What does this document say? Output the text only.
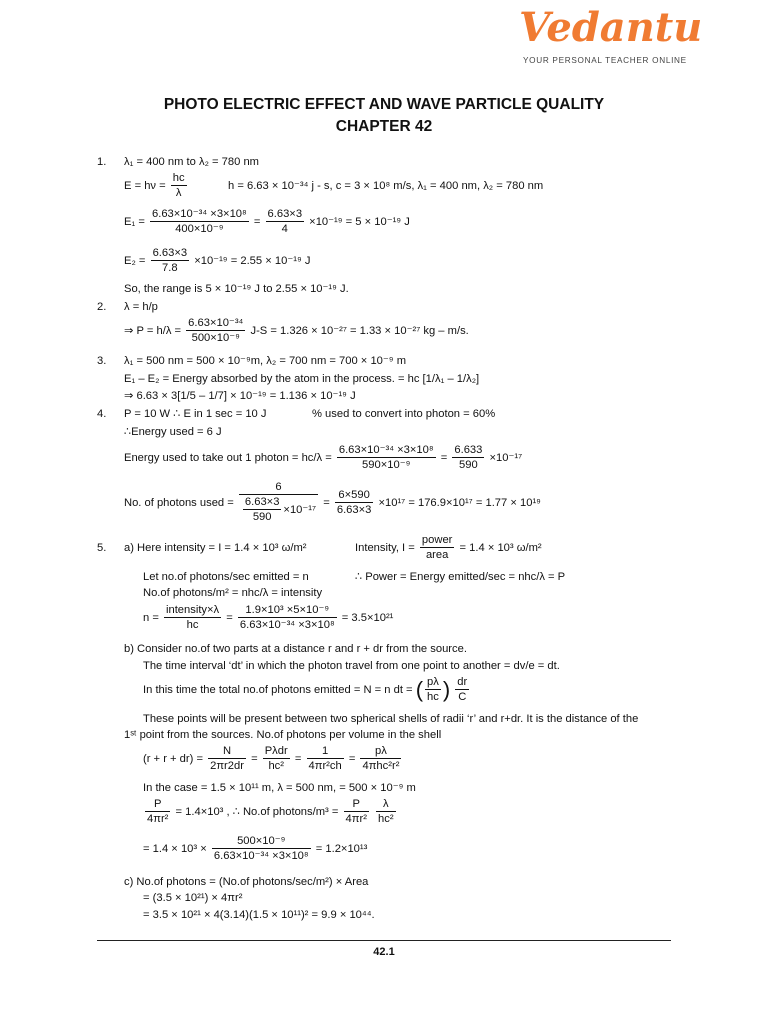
Vedantu
YOUR PERSONAL TEACHER ONLINE
PHOTO ELECTRIC EFFECT AND WAVE PARTICLE QUALITY
CHAPTER 42
1. λ₁ = 400 nm to λ₂ = 780 nm
$E = h\nu = \frac{hc}{\lambda}$	h = 6.63 × 10⁻³⁴ j - s, c = 3 × 10⁸ m/s, λ₁ = 400 nm, λ₂ = 780 nm
$E_1 = \frac{\text{6.63×10⁻³⁴ ×3×10⁸}}{\text{400×10⁻⁹}} = \frac{6.63\times 3}{4} \times 10^{-19} = 5 \times 10^{-19}$ J
$E_2 = \frac{6.63\times 3}{7.8} \times 10^{-19} = 2.55 \times 10^{-19}$ J
So, the range is 5 × 10⁻¹⁹ J to 2.55 × 10⁻¹⁹ J.
2. λ = h/p
⇒ $P = h/\lambda = \frac{\text{6.63×10⁻³⁴}}{\text{500×10⁻⁹}} J-S = 1.326 \times 10^{-27} = 1.33 \times 10^{-27}$ kg – m/s.
3. λ₁ = 500 nm = 500 × 10⁻⁹m, λ₂ = 700 nm = 700 × 10⁻⁹ m
E₁ – E₂ = Energy absorbed by the atom in the process. = hc [1/λ₁ – 1/λ₂]
⇒ 6.63 × 3[1/5 – 1/7] × 10⁻¹⁹ = 1.136 × 10⁻¹⁹ J
4. P = 10 W ∴ E in 1 sec = 10 J	% used to convert into photon = 60%
∴Energy used = 6 J
Energy used to take out 1 photon = $hc/\lambda = \frac{\text{6.63×10⁻³⁴ ×3×10⁸}}{\text{590×10⁻⁹}} = \frac{6.633}{590} \times 10^{-17}$
No. of photons used = $\frac{6}{\frac{6.63\times 3}{590} \times 10^{-17}} = \frac{6\times 590}{6.63\times 3} \times 10^{17} = 176.9\times 10^{17} = 1.77 \times 10^{19}$
5. a) Here intensity = I = 1.4 × 10³ ω/m²	Intensity, $I = \frac{\text{power}}{\text{area}} = 1.4 \times 10^3$ ω/m²
Let no.of photons/sec emitted = n	∴ Power = Energy emitted/sec = nhc/λ = P
No.of photons/m² = nhc/λ = intensity
$n = \frac{\text{intensity×λ}}{hc} = \frac{\text{1.9×10³ ×5×10⁻⁹}}{\text{6.63×10⁻³⁴ ×3×10⁸}} = 3.5\times 10^{21}$
b) Consider no.of two parts at a distance r and r + dr from the source.
The time interval ‘dt’ in which the photon travel from one point to another = dv/e = dt.
In this time the total no.of photons emitted = N = n dt = ( $\frac{p\lambda}{hc}$ ) $\frac{dr}{C}$
These points will be present between two spherical shells of radii ‘r’ and r+dr. It is the distance of the
1ˢᵗ point from the sources. No.of photons per volume in the shell
$(r + r + dr) = \frac{N}{2\pi r2dr} = \frac{\text{Pλdr}}{\text{hc²}} = \frac{1}{\text{4πr²ch}} = \frac{p\lambda}{\text{4πhc²r²}}$
In the case = 1.5 × 10¹¹ m, λ = 500 nm, = 500 × 10⁻⁹ m
$\frac{P}{\text{4πr²}} = 1.4\times 10^3$ , ∴ No.of photons/m³ = $\frac{P}{\text{4πr²}}$
$\frac{\lambda}{\text{hc²}}$
= $1.4 \times 10^3 \times \frac{\text{500×10⁻⁹}}{\text{6.63×10⁻³⁴ ×3×10⁸}} = 1.2\times 10^{13}$
c) No.of photons = (No.of photons/sec/m²) × Area
= (3.5 × 10²¹) × 4πr²
= 3.5 × 10²¹ × 4(3.14)(1.5 × 10¹¹)² = 9.9 × 10⁴⁴.
42.1
